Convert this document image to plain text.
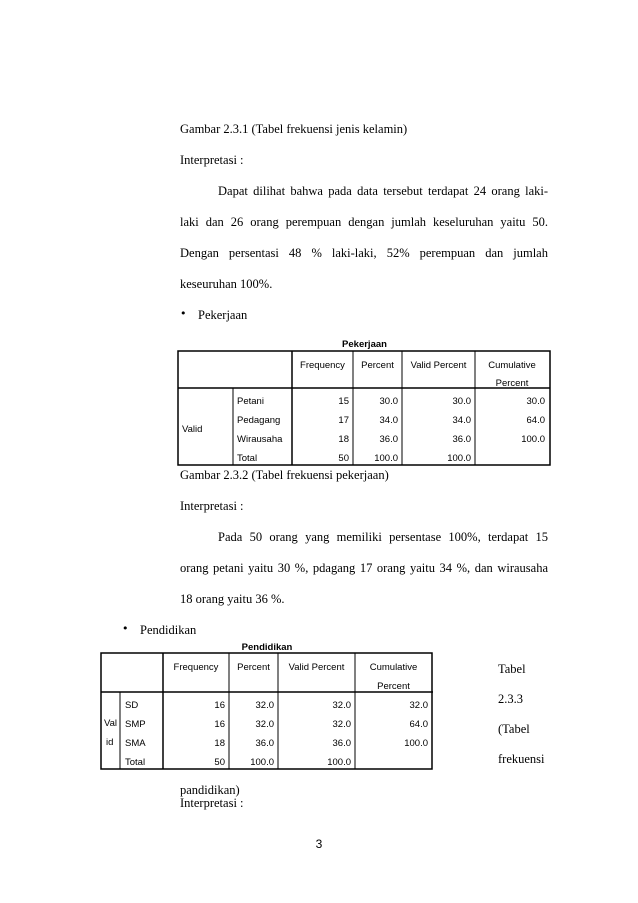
Gambar 2.3.1 (Tabel frekuensi jenis kelamin)
Interpretasi :
Dapat dilihat bahwa pada data tersebut terdapat 24 orang laki-
laki dan 26 orang perempuan dengan jumlah keseluruhan yaitu 50.
Dengan persentasi 48 % laki-laki, 52% perempuan dan jumlah
keseuruhan 100%.
• Pekerjaan
Pekerjaan
Frequency	Percent	Valid Percent	Cumulative
Percent
Valid
Petani	15	30.0	30.0	30.0
Pedagang	17	34.0	34.0	64.0
Wirausaha	18	36.0	36.0	100.0
Total	50	100.0	100.0
Gambar 2.3.2 (Tabel frekuensi pekerjaan)
Interpretasi :
Pada 50 orang yang memiliki persentase 100%, terdapat 15
orang petani yaitu 30 %, pdagang 17 orang yaitu 34 %, dan wirausaha
18 orang yaitu 36 %.
• Pendidikan
Pendidikan
Frequency	Percent	Valid Percent	Cumulative
Percent
Val
id
SD	16	32.0	32.0	32.0
SMP	16	32.0	32.0	64.0
SMA	18	36.0	36.0	100.0
Total	50	100.0	100.0
Tabel
2.3.3
(Tabel
frekuensi
pandidikan)
Interpretasi :
3
